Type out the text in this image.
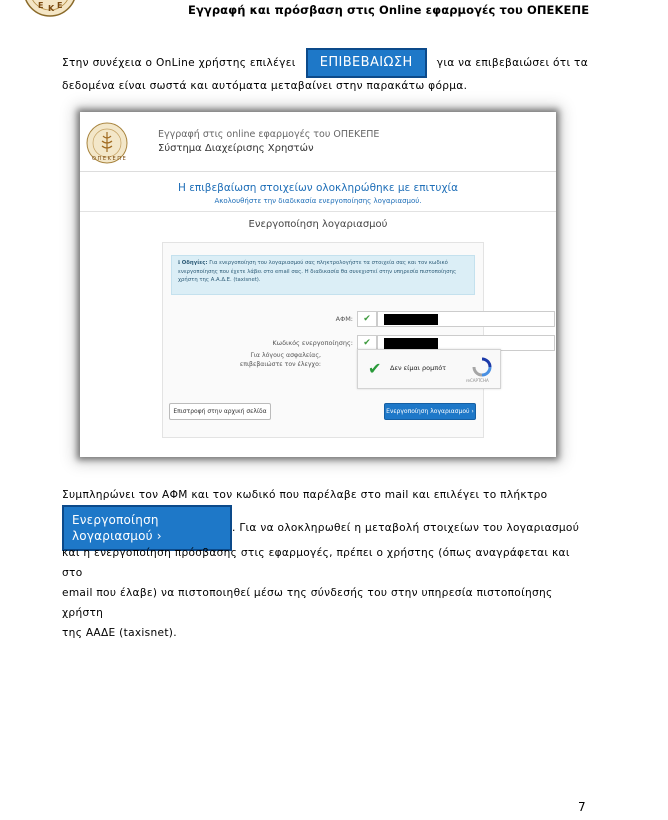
Ε Κ Ε	Εγγραφή και πρόσβαση στις Online εφαρμογές του ΟΠΕΚΕΠΕ
Στην συνέχεια ο OnLine χρήστης επιλέγει	ΕΠΙΒΕΒΑΙΩΣΗ	για να επιβεβαιώσει ότι τα
δεδομένα είναι σωστά και αυτόματα μεταβαίνει στην παρακάτω φόρμα.
Ο Π Ε Κ Ε Π Ε
Εγγραφή στις online εφαρμογές του ΟΠΕΚΕΠΕ
Σύστημα Διαχείρισης Χρηστών
Η επιβεβαίωση στοιχείων ολοκληρώθηκε με επιτυχία
Ακολουθήστε την διαδικασία ενεργοποίησης λογαριασμού.
Ενεργοποίηση λογαριασμού
ℹ Οδηγίες: Για ενεργοποίηση του λογαριασμού σας πληκτρολογήστε τα στοιχεία σας και τον κωδικό ενεργοποίησης που έχετε λάβει στο email σας. Η διαδικασία θα συνεχιστεί στην υπηρεσία πιστοποίησης χρήστη της Α.Α.Δ.Ε. (taxisnet).
ΑΦΜ:	✔
Κωδικός ενεργοποίησης:	✔
Για λόγους ασφαλείας, επιβεβαιώστε τον έλεγχο:	✔ Δεν είμαι ρομπότ
reCAPTCHA
Επιστροφή στην αρχική σελίδα	Ενεργοποίηση λογαριασμού ›
Συμπληρώνει τον ΑΦΜ και τον κωδικό που παρέλαβε στο mail και επιλέγει το πλήκτρο
Ενεργοποίηση λογαριασμού ›
. Για να ολοκληρωθεί η μεταβολή στοιχείων του λογαριασμού
και η ενεργοποίηση πρόσβασης στις εφαρμογές, πρέπει ο χρήστης (όπως αναγράφεται και στο
email που έλαβε) να πιστοποιηθεί μέσω της σύνδεσής του στην υπηρεσία πιστοποίησης χρήστη
της ΑΑΔΕ (taxisnet).
7
